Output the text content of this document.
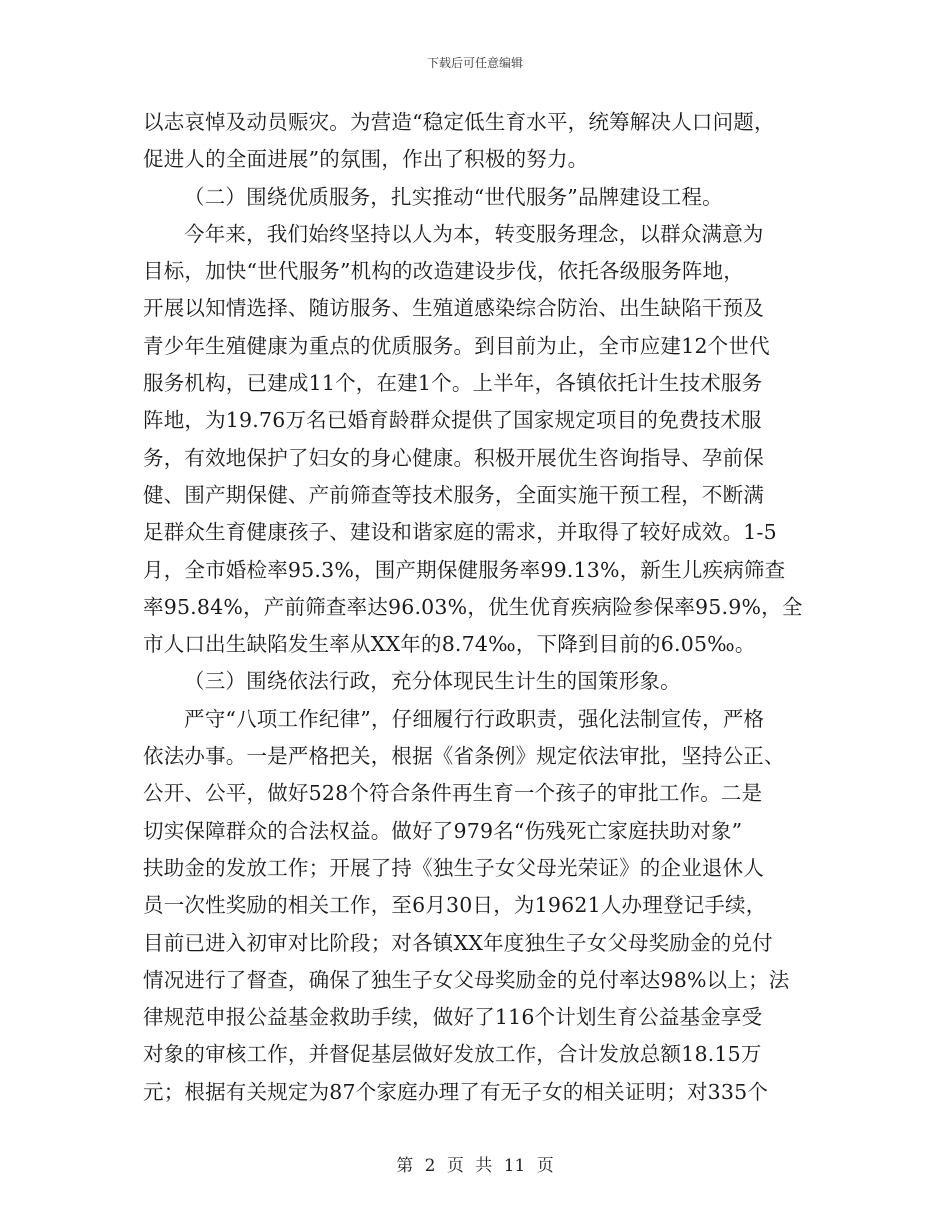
下载后可任意编辑

以志哀悼及动员赈灾。为营造“稳定低生育水平，统筹解决人口问题，
促进人的全面进展”的氛围，作出了积极的努力。

（二）围绕优质服务，扎实推动“世代服务”品牌建设工程。

今年来，我们始终坚持以人为本，转变服务理念，以群众满意为
目标，加快“世代服务”机构的改造建设步伐，依托各级服务阵地，
开展以知情选择、随访服务、生殖道感染综合防治、出生缺陷干预及
青少年生殖健康为重点的优质服务。到目前为止，全市应建12个世代
服务机构，已建成11个，在建1个。上半年，各镇依托计生技术服务
阵地，为19.76万名已婚育龄群众提供了国家规定项目的免费技术服
务，有效地保护了妇女的身心健康。积极开展优生咨询指导、孕前保
健、围产期保健、产前筛查等技术服务，全面实施干预工程，不断满
足群众生育健康孩子、建设和谐家庭的需求，并取得了较好成效。1-5
月，全市婚检率95.3%，围产期保健服务率99.13%，新生儿疾病筛查
率95.84%，产前筛查率达96.03%，优生优育疾病险参保率95.9%，全
市人口出生缺陷发生率从XX年的8.74‰，下降到目前的6.05‰。

（三）围绕依法行政，充分体现民生计生的国策形象。

严守“八项工作纪律”，仔细履行行政职责，强化法制宣传，严格
依法办事。一是严格把关，根据《省条例》规定依法审批，坚持公正、
公开、公平，做好528个符合条件再生育一个孩子的审批工作。二是
切实保障群众的合法权益。做好了979名“伤残死亡家庭扶助对象”
扶助金的发放工作；开展了持《独生子女父母光荣证》的企业退休人
员一次性奖励的相关工作，至6月30日，为19621人办理登记手续，
目前已进入初审对比阶段；对各镇XX年度独生子女父母奖励金的兑付
情况进行了督查，确保了独生子女父母奖励金的兑付率达98%以上；法
律规范申报公益基金救助手续，做好了116个计划生育公益基金享受
对象的审核工作，并督促基层做好发放工作，合计发放总额18.15万
元；根据有关规定为87个家庭办理了有无子女的相关证明；对335个

第 2 页 共 11 页
